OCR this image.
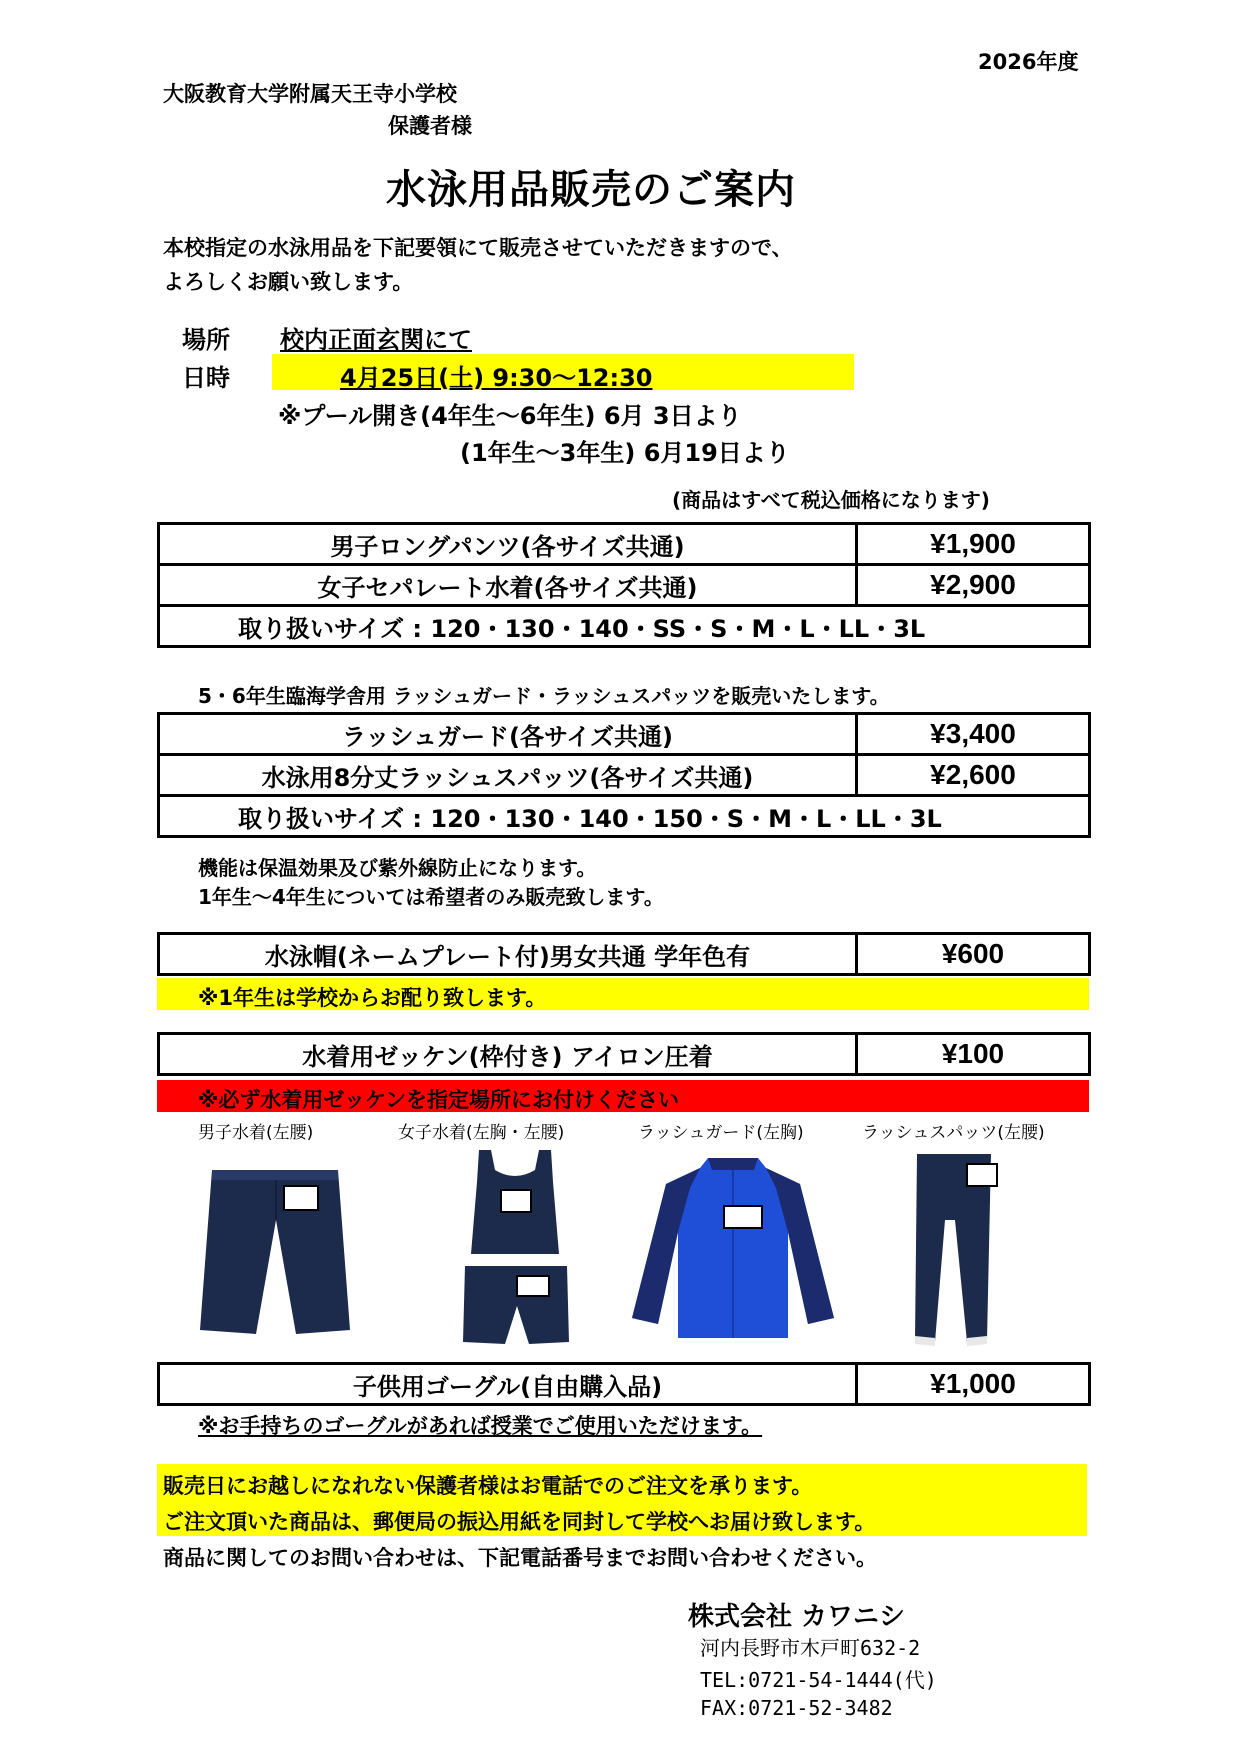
2026年度
大阪教育大学附属天王寺小学校
保護者様
水泳用品販売のご案内
本校指定の水泳用品を下記要領にて販売させていただきますので、
よろしくお願い致します。
場所 校内正面玄関にて
日時	4月25日(土) 9:30〜12:30
※プール開き(4年生〜6年生) 6月 3日より
(1年生〜3年生) 6月19日より
(商品はすべて税込価格になります)
男子ロングパンツ(各サイズ共通)	¥1,900
女子セパレート水着(各サイズ共通)	¥2,900
取り扱いサイズ : 120・130・140・SS・S・M・L・LL・3L	
5・6年生臨海学舎用 ラッシュガード・ラッシュスパッツを販売いたします。
ラッシュガード(各サイズ共通)	¥3,400
水泳用8分丈ラッシュスパッツ(各サイズ共通)	¥2,600
取り扱いサイズ : 120・130・140・150・S・M・L・LL・3L	
機能は保温効果及び紫外線防止になります。
1年生〜4年生については希望者のみ販売致します。
水泳帽(ネームプレート付)男女共通 学年色有	¥600
※1年生は学校からお配り致します。
水着用ゼッケン(枠付き) アイロン圧着	¥100
※必ず水着用ゼッケンを指定場所にお付けください
男子水着(左腰)	女子水着(左胸・左腰)	ラッシュガード(左胸)	ラッシュスパッツ(左腰)
子供用ゴーグル(自由購入品)	¥1,000
※お手持ちのゴーグルがあれば授業でご使用いただけます。
販売日にお越しになれない保護者様はお電話でのご注文を承ります。
ご注文頂いた商品は、郵便局の振込用紙を同封して学校へお届け致します。
商品に関してのお問い合わせは、下記電話番号までお問い合わせください。
株式会社 カワニシ
河内長野市木戸町632-2
TEL:0721-54-1444(代)
FAX:0721-52-3482
